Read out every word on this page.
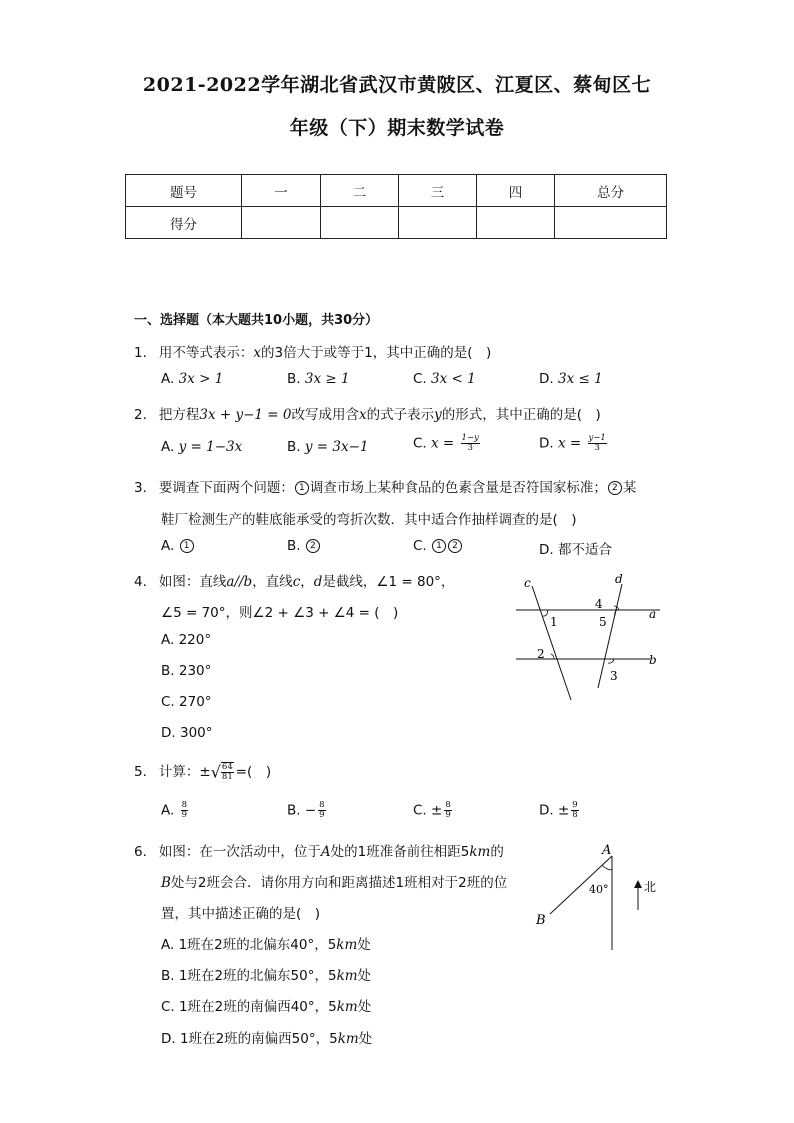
2021-2022学年湖北省武汉市黄陂区、江夏区、蔡甸区七
年级（下）期末数学试卷
题号	一	二	三	四	总分
得分					
一、选择题（本大题共10小题，共30分）
1. 用不等式表示：x的3倍大于或等于1，其中正确的是(　)
A. 3x > 1	B. 3x ≥ 1	C. 3x < 1	D. 3x ≤ 1
2. 把方程3x + y−1 = 0改写成用含x的式子表示y的形式，其中正确的是(　)
A. y = 1−3x	B. y = 3x−1	C. $x = \frac{1-y}{3}$	D. $x = \frac{y-1}{3}$
3. 要调查下面两个问题： 1 调查市场上某种食品的色素含量是否符国家标准； 2 某
鞋厂检测生产的鞋底能承受的弯折次数．其中适合作抽样调查的是(　)
A. 1	B. 2	C. 1 2	D. 都不适合
4. 如图：直线a//b，直线c，d是截线，∠1 = 80°，
∠5 = 70°，则∠2 + ∠3 + ∠4 = (　)
A. 220°
B. 230°
C. 270°
D. 300°
c	d
a
b
1
2
3
4
5
5. 计算：±√ $\frac{64}{81}$ =(　)
A. $\frac{8}{9}$	B. − $\frac{8}{9}$	C. ± $\frac{8}{9}$	D. ± $\frac{9}{8}$
6. 如图：在一次活动中，位于A处的1班准备前往相距5km的
B处与2班会合．请你用方向和距离描述1班相对于2班的位
置，其中描述正确的是(　)
A. 1班在2班的北偏东40°，5km处
B. 1班在2班的北偏东50°，5km处
C. 1班在2班的南偏西40°，5km处
D. 1班在2班的南偏西50°，5km处
A
B
40°	北
